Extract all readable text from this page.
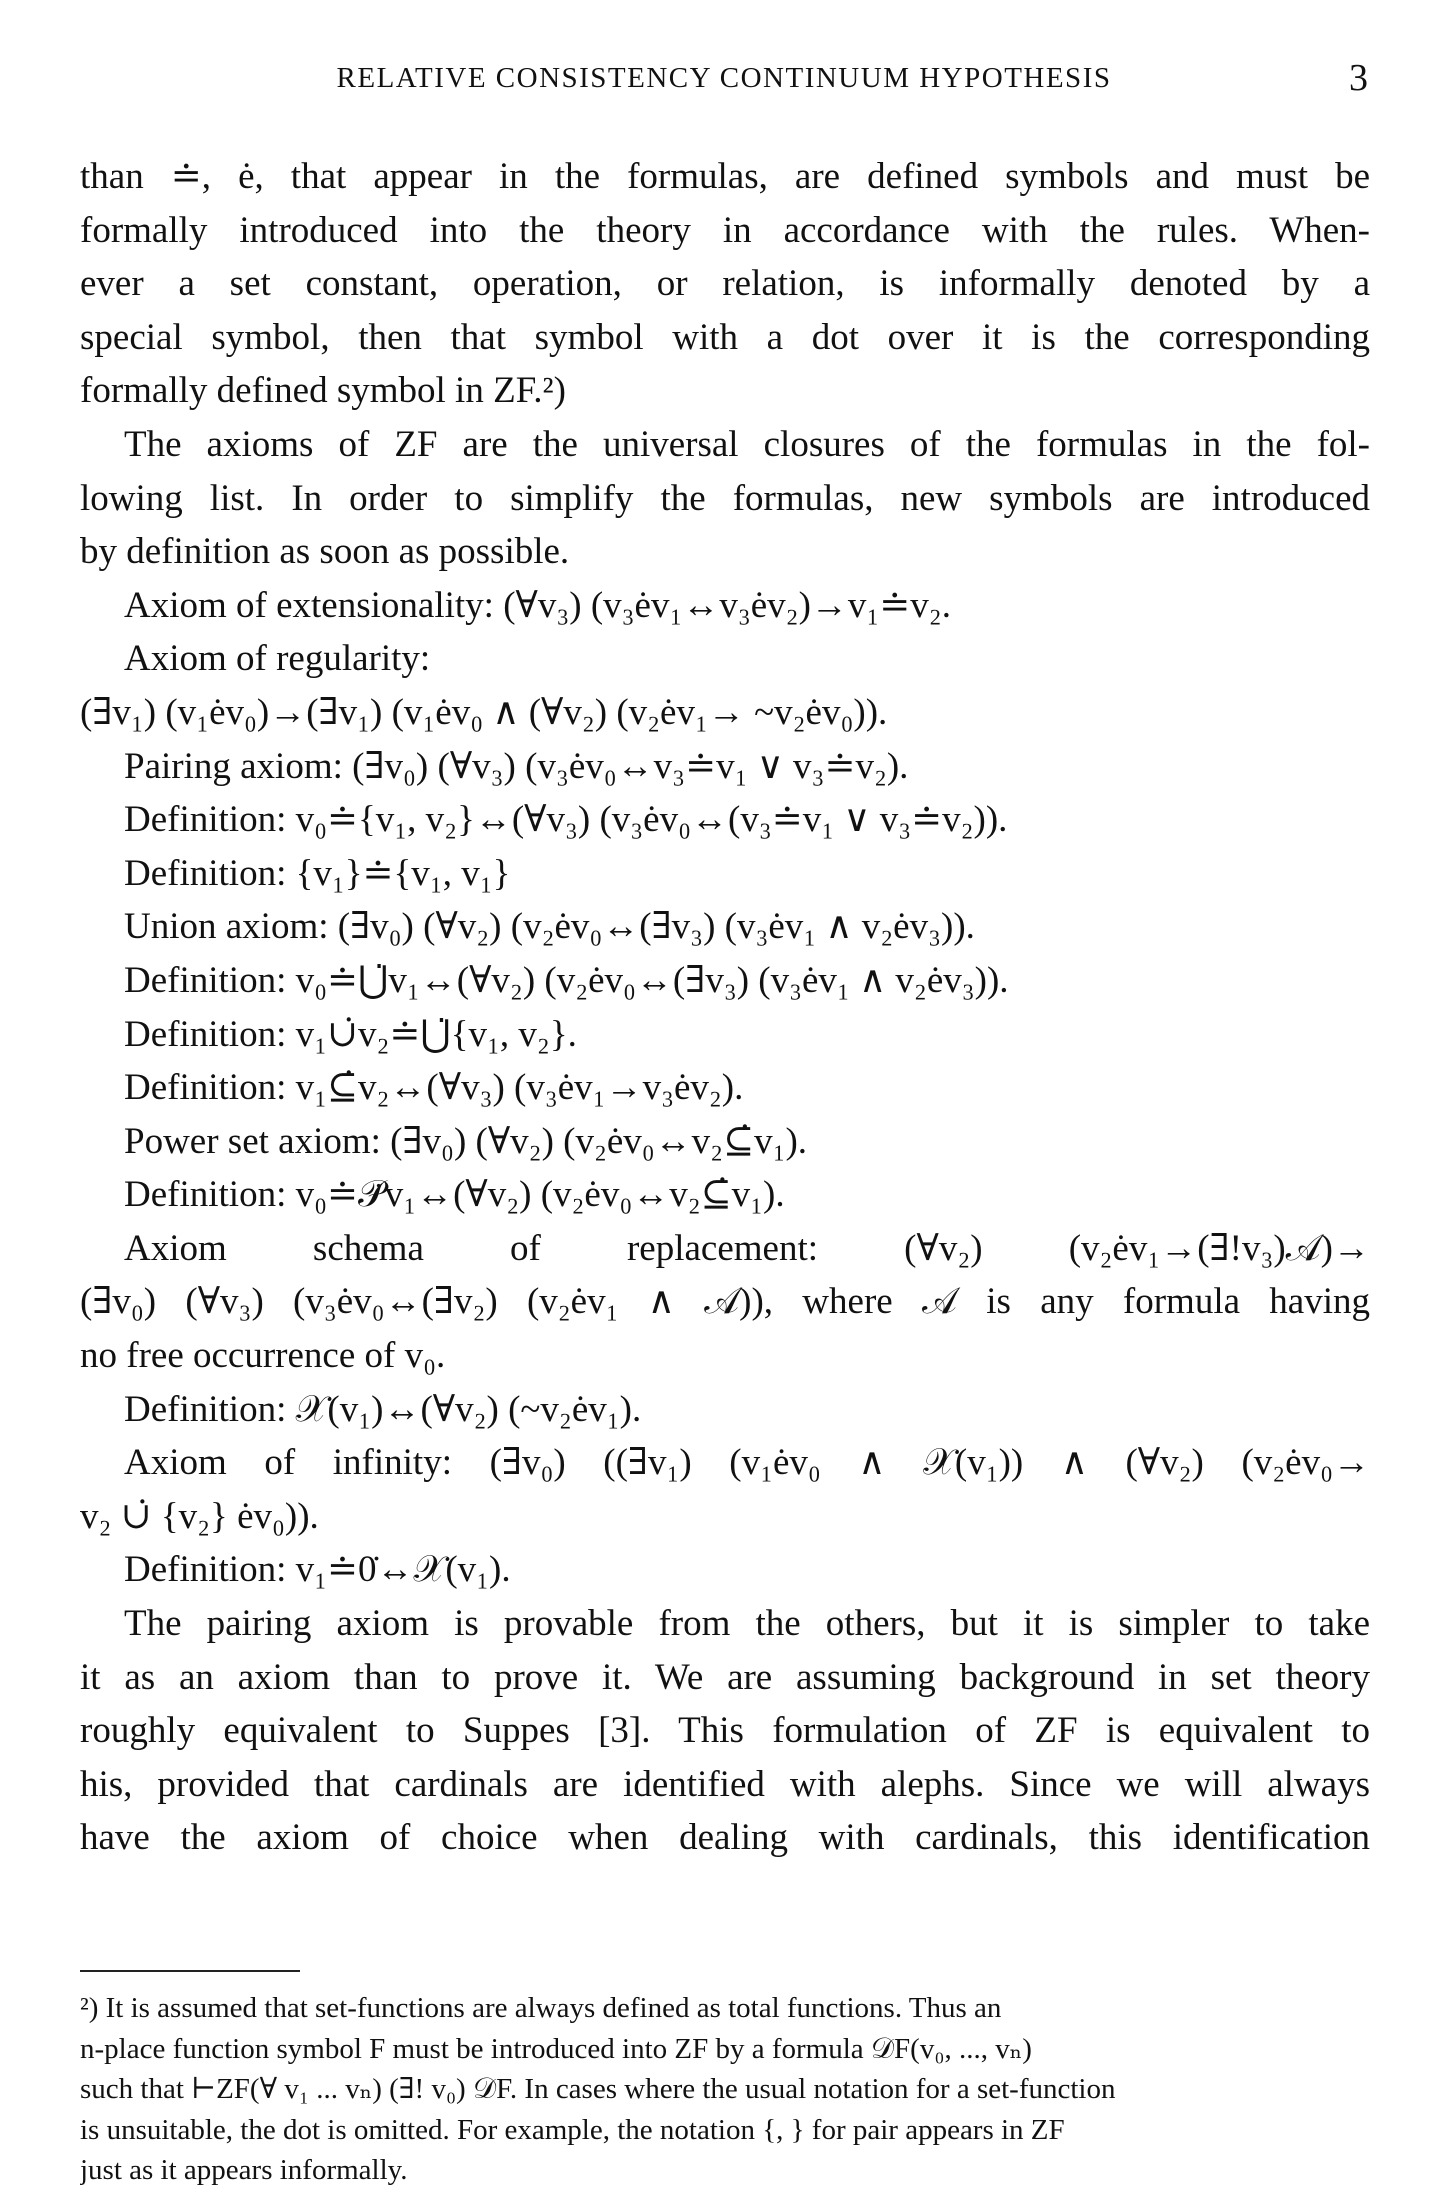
RELATIVE CONSISTENCY CONTINUUM HYPOTHESIS	3
than ≐, ė, that appear in the formulas, are defined symbols and must be
formally introduced into the theory in accordance with the rules. When-
ever a set constant, operation, or relation, is informally denoted by a
special symbol, then that symbol with a dot over it is the corresponding
formally defined symbol in ZF.²)
The axioms of ZF are the universal closures of the formulas in the fol-
lowing list. In order to simplify the formulas, new symbols are introduced
by definition as soon as possible.
Axiom of extensionality: (∀v₃) (v₃ėv₁↔v₃ėv₂)→v₁≐v₂.
Axiom of regularity:
(∃v₁) (v₁ėv₀)→(∃v₁) (v₁ėv₀ ∧ (∀v₂) (v₂ėv₁→ ~v₂ėv₀)).
Pairing axiom: (∃v₀) (∀v₃) (v₃ėv₀↔v₃≐v₁ ∨ v₃≐v₂).
Definition: v₀≐{v₁, v₂}↔(∀v₃) (v₃ėv₀↔(v₃≐v₁ ∨ v₃≐v₂)).
Definition: {v₁}≐{v₁, v₁}
Union axiom: (∃v₀) (∀v₂) (v₂ėv₀↔(∃v₃) (v₃ėv₁ ∧ v₂ėv₃)).
Definition: v₀≐⋃̇v₁↔(∀v₂) (v₂ėv₀↔(∃v₃) (v₃ėv₁ ∧ v₂ėv₃)).
Definition: v₁∪̇v₂≐⋃̇{v₁, v₂}.
Definition: v₁⊆̇v₂↔(∀v₃) (v₃ėv₁→v₃ėv₂).
Power set axiom: (∃v₀) (∀v₂) (v₂ėv₀↔v₂⊆̇v₁).
Definition: v₀≐𝒫̇v₁↔(∀v₂) (v₂ėv₀↔v₂⊆̇v₁).
Axiom schema of replacement: (∀v₂) (v₂ėv₁→(∃!v₃)𝒜)→
(∃v₀) (∀v₃) (v₃ėv₀↔(∃v₂) (v₂ėv₁ ∧ 𝒜)), where 𝒜 is any formula having
no free occurrence of v₀.
Definition: 𝒳(v₁)↔(∀v₂) (~v₂ėv₁).
Axiom of infinity: (∃v₀) ((∃v₁) (v₁ėv₀ ∧ 𝒳(v₁)) ∧ (∀v₂) (v₂ėv₀→
v₂ ∪̇ {v₂} ėv₀)).
Definition: v₁≐0̇↔𝒳(v₁).
The pairing axiom is provable from the others, but it is simpler to take
it as an axiom than to prove it. We are assuming background in set theory
roughly equivalent to Suppes [3]. This formulation of ZF is equivalent to
his, provided that cardinals are identified with alephs. Since we will always
have the axiom of choice when dealing with cardinals, this identification
²) It is assumed that set-functions are always defined as total functions. Thus an
n-place function symbol F must be introduced into ZF by a formula 𝒟F(v₀, ..., vₙ)
such that ⊢ZF(∀ v₁ ... vₙ) (∃! v₀) 𝒟F. In cases where the usual notation for a set-function
is unsuitable, the dot is omitted. For example, the notation {, } for pair appears in ZF
just as it appears informally.
